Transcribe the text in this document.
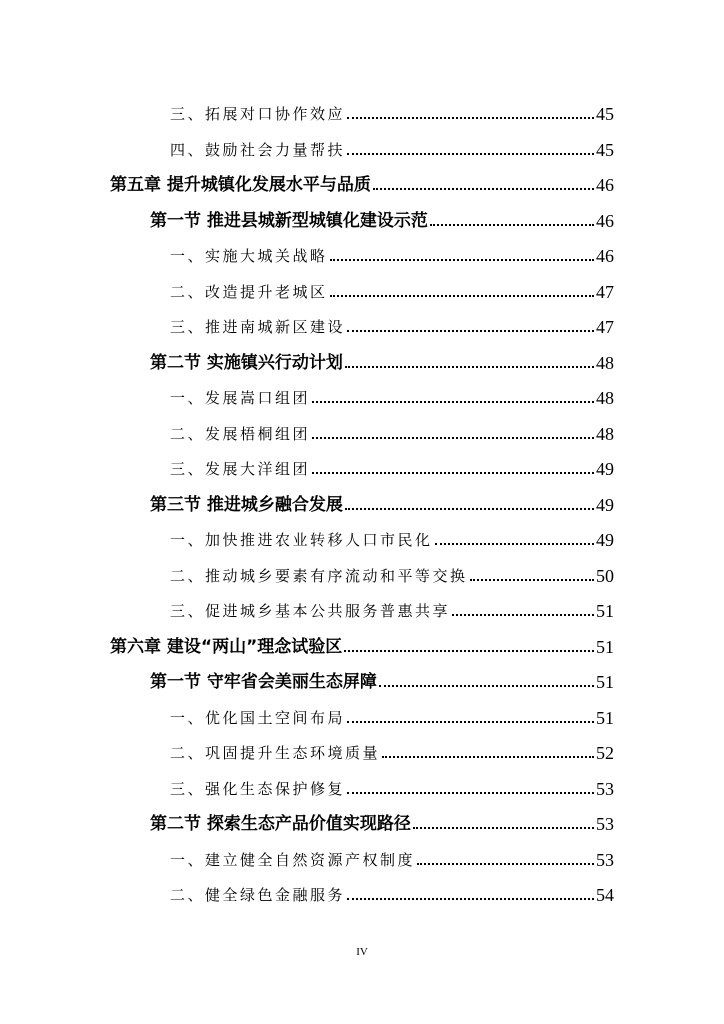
三、拓展对口协作效应	45
四、鼓励社会力量帮扶	45
第五章 提升城镇化发展水平与品质	46
第一节 推进县城新型城镇化建设示范	46
一、实施大城关战略	46
二、改造提升老城区	47
三、推进南城新区建设	47
第二节 实施镇兴行动计划	48
一、发展嵩口组团	48
二、发展梧桐组团	48
三、发展大洋组团	49
第三节 推进城乡融合发展	49
一、加快推进农业转移人口市民化	49
二、推动城乡要素有序流动和平等交换	50
三、促进城乡基本公共服务普惠共享	51
第六章 建设“两山”理念试验区	51
第一节 守牢省会美丽生态屏障	51
一、优化国土空间布局	51
二、巩固提升生态环境质量	52
三、强化生态保护修复	53
第二节 探索生态产品价值实现路径	53
一、建立健全自然资源产权制度	53
二、健全绿色金融服务	54
IV
